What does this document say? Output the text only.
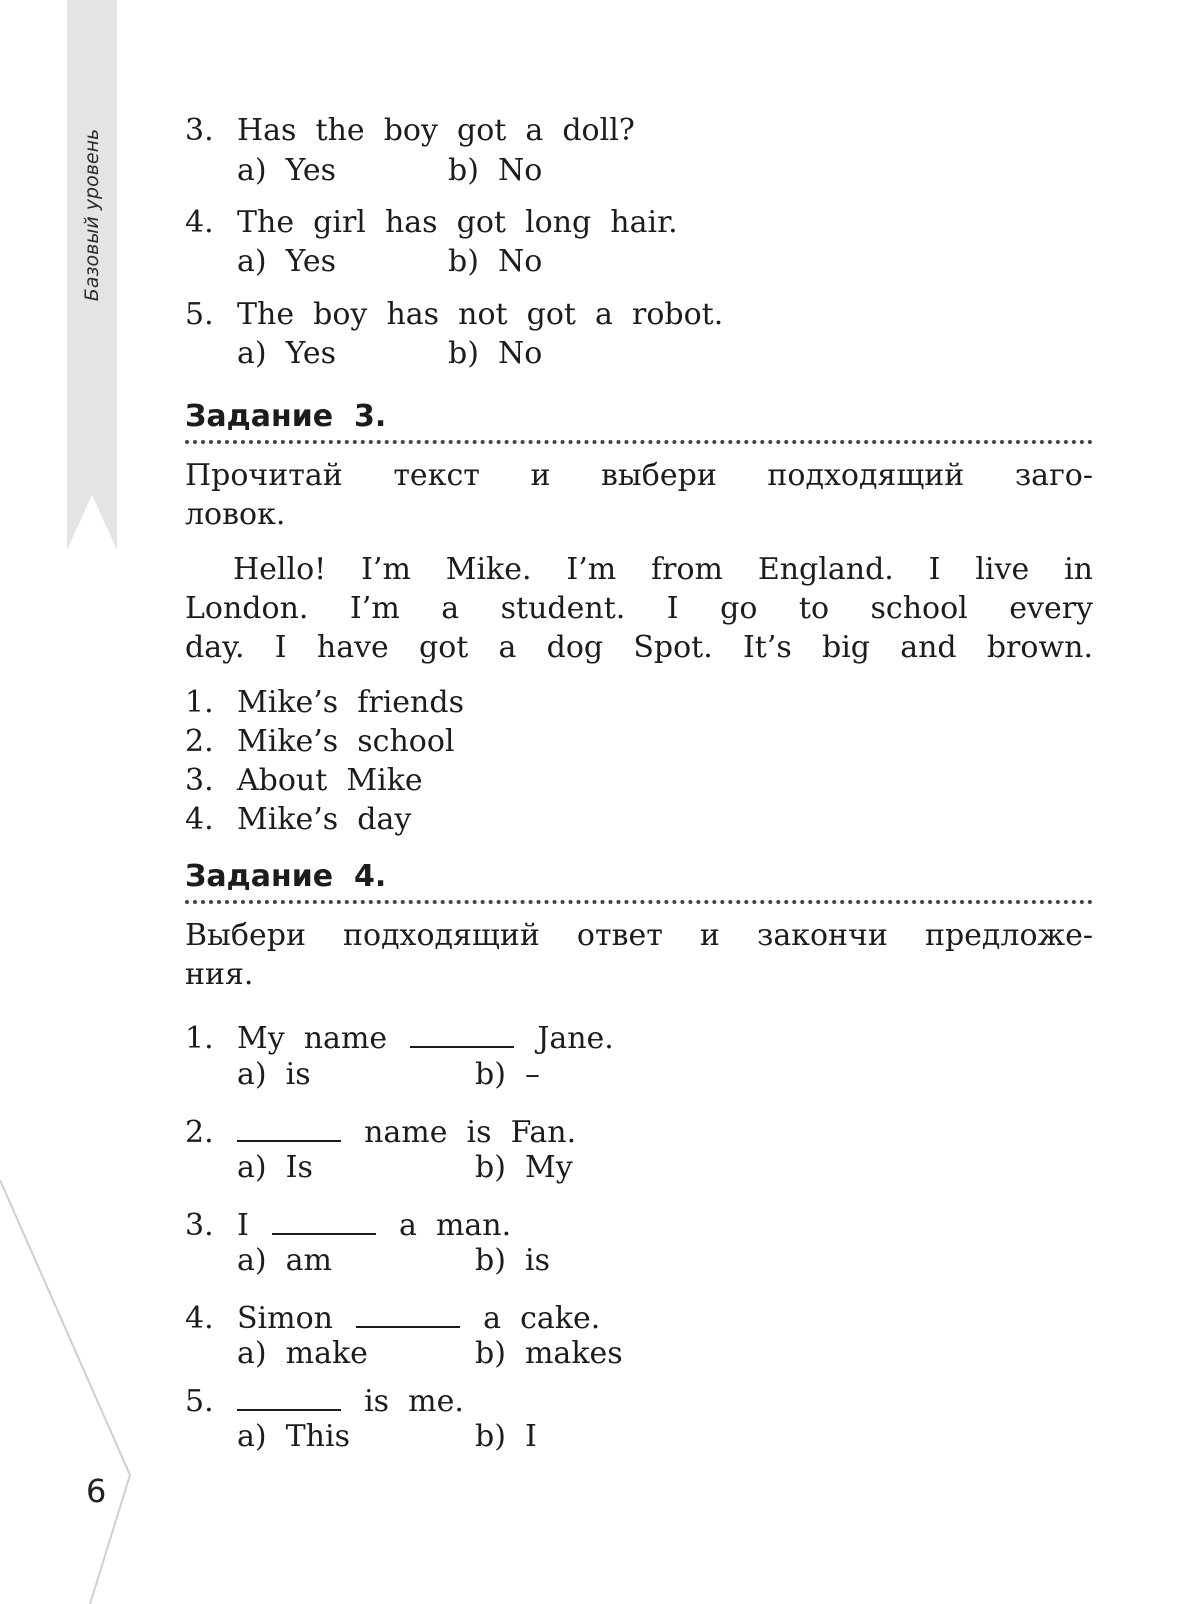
Базовый уровень
6
3. Has  the  boy  got  a  doll?
a)  Yes	b)  No
4. The  girl  has  got  long  hair.
a)  Yes	b)  No
5. The  boy  has  not  got  a  robot.
a)  Yes	b)  No
Задание  3.
Прочитай текст и выбери подходящий заго-
ловок.
Hello! I’m Mike. I’m from England. I live in
London. I’m a student. I go to school every
day. I have got a dog Spot. It’s big and brown.
1. Mike’s  friends
2. Mike’s  school
3. About  Mike
4. Mike’s  day
Задание  4.
Выбери подходящий ответ и закончи предложе-
ния.
1. My  name	Jane.
a)  is	b)  –
2.	name  is  Fan.
a)  Is	b)  My
3. I	a  man.
a)  am	b)  is
4. Simon	a  cake.
a)  make	b)  makes
5.	is  me.
a)  This	b)  I
